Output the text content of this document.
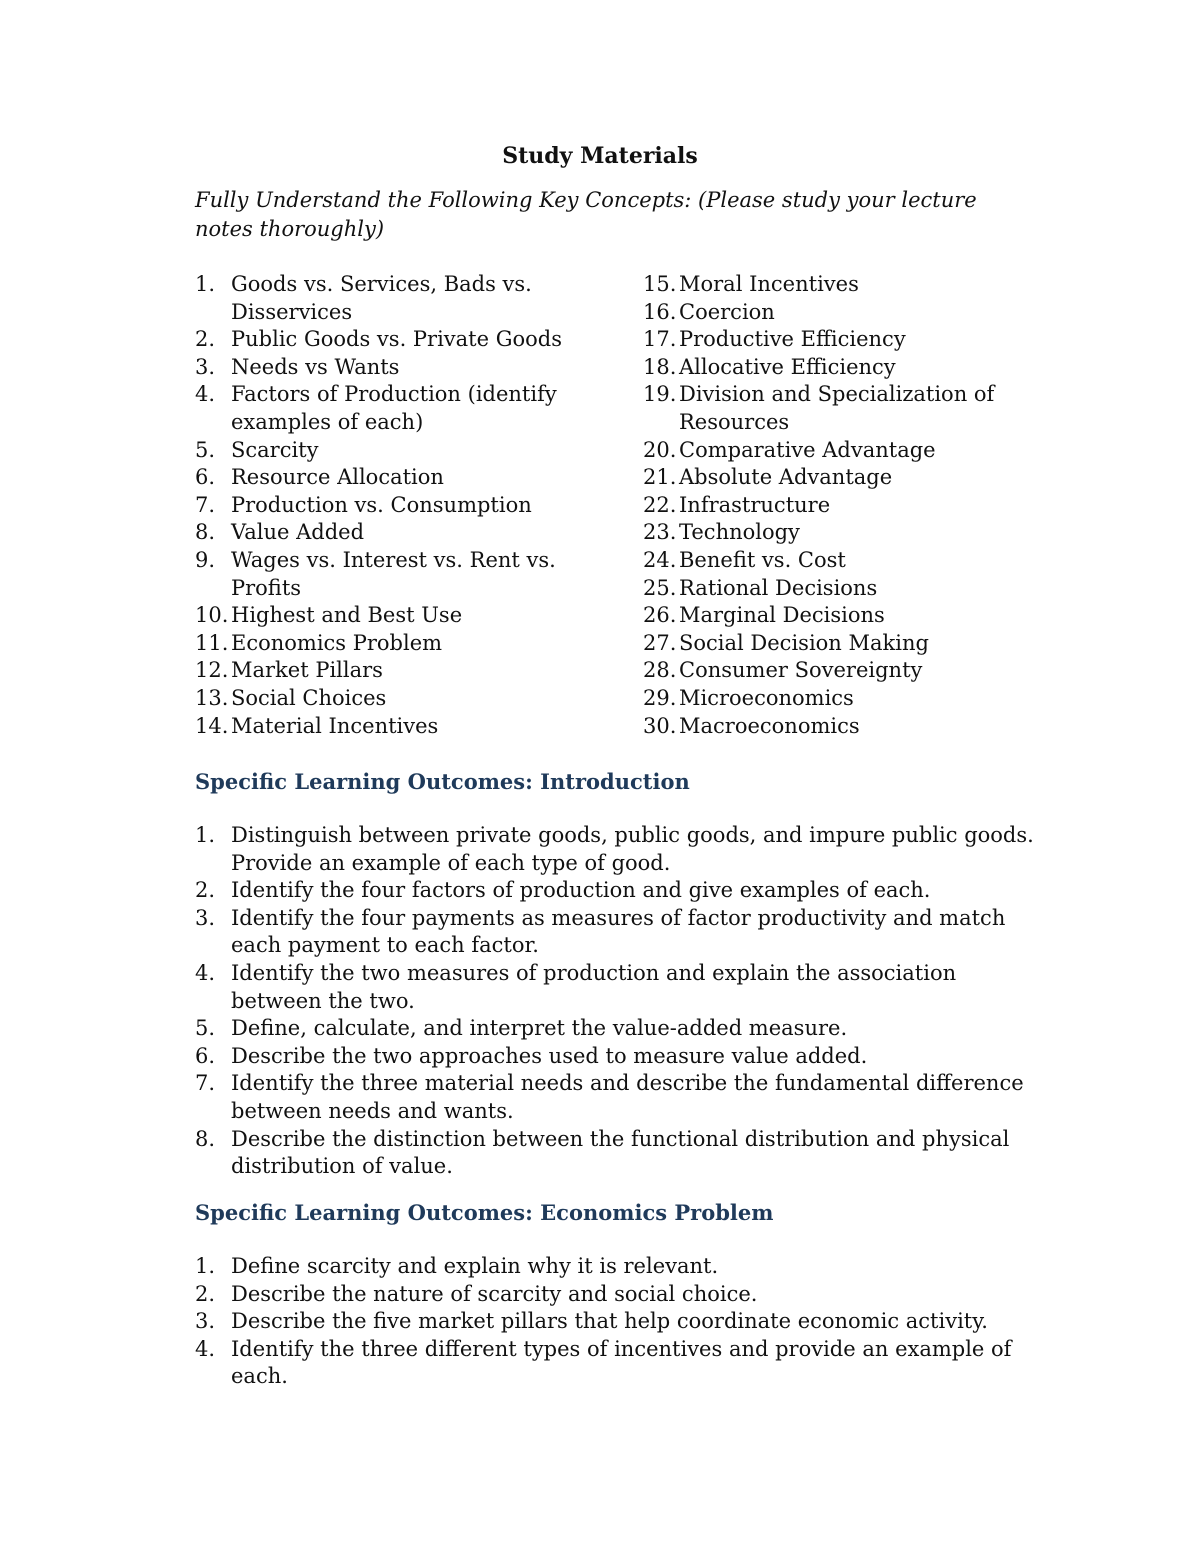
Study Materials
Fully Understand the Following Key Concepts: (Please study your lecture notes thoroughly)
1. Goods vs. Services, Bads vs. Disservices
2. Public Goods vs. Private Goods
3. Needs vs Wants
4. Factors of Production (identify examples of each)
5. Scarcity
6. Resource Allocation
7. Production vs. Consumption
8. Value Added
9. Wages vs. Interest vs. Rent vs. Profits
10. Highest and Best Use
11. Economics Problem
12. Market Pillars
13. Social Choices
14. Material Incentives
15. Moral Incentives
16. Coercion
17. Productive Efficiency
18. Allocative Efficiency
19. Division and Specialization of Resources
20. Comparative Advantage
21. Absolute Advantage
22. Infrastructure
23. Technology
24. Benefit vs. Cost
25. Rational Decisions
26. Marginal Decisions
27. Social Decision Making
28. Consumer Sovereignty
29. Microeconomics
30. Macroeconomics
Specific Learning Outcomes: Introduction
1. Distinguish between private goods, public goods, and impure public goods. Provide an example of each type of good.
2. Identify the four factors of production and give examples of each.
3. Identify the four payments as measures of factor productivity and match each payment to each factor.
4. Identify the two measures of production and explain the association between the two.
5. Define, calculate, and interpret the value-added measure.
6. Describe the two approaches used to measure value added.
7. Identify the three material needs and describe the fundamental difference between needs and wants.
8. Describe the distinction between the functional distribution and physical distribution of value.
Specific Learning Outcomes: Economics Problem
1. Define scarcity and explain why it is relevant.
2. Describe the nature of scarcity and social choice.
3. Describe the five market pillars that help coordinate economic activity.
4. Identify the three different types of incentives and provide an example of each.
